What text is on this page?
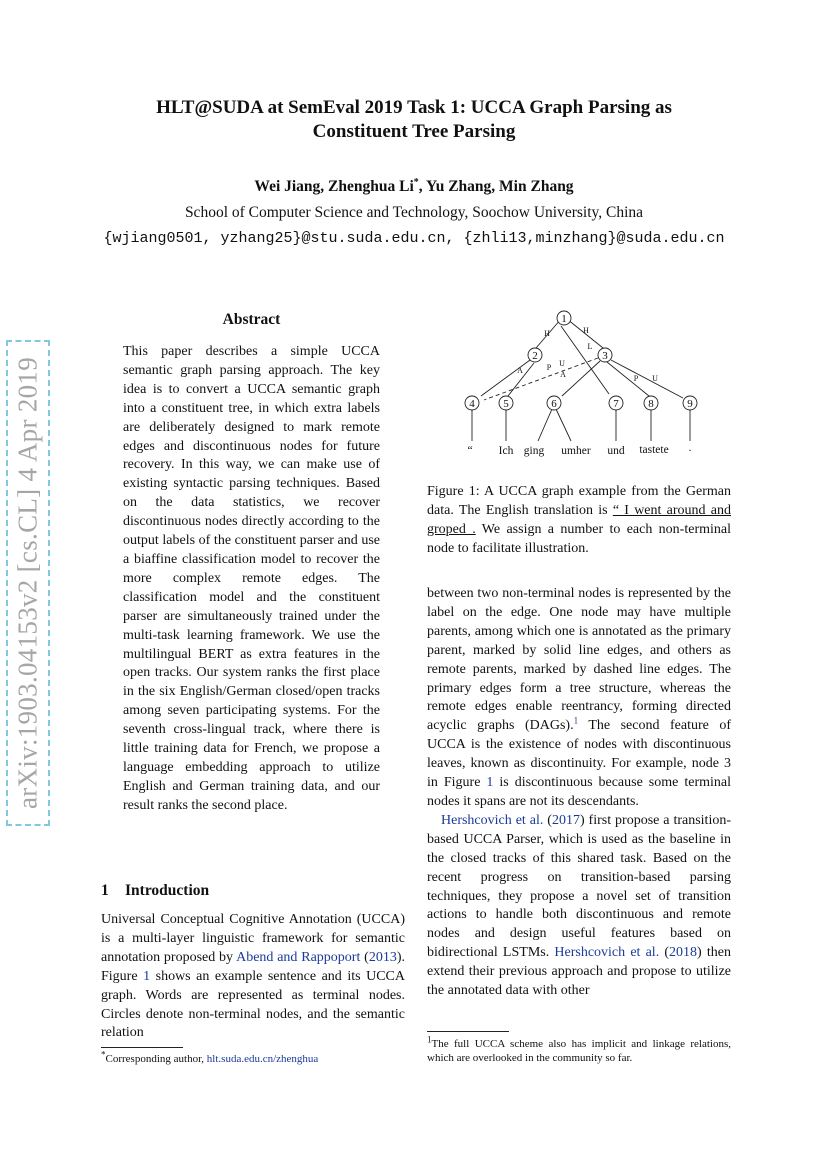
HLT@SUDA at SemEval 2019 Task 1: UCCA Graph Parsing as
Constituent Tree Parsing
Wei Jiang, Zhenghua Li*, Yu Zhang, Min Zhang
School of Computer Science and Technology, Soochow University, China
{wjiang0501, yzhang25}@stu.suda.edu.cn, {zhli13,minzhang}@suda.edu.cn
arXiv:1903.04153v2 [cs.CL] 4 Apr 2019
Abstract
This paper describes a simple UCCA semantic graph parsing approach. The key idea is to convert a UCCA semantic graph into a constituent tree, in which extra labels are deliberately designed to mark remote edges and discontinuous nodes for future recovery. In this way, we can make use of existing syntactic parsing techniques. Based on the data statistics, we recover discontinuous nodes directly according to the output labels of the constituent parser and use a biaffine classification model to recover the more complex remote edges. The classification model and the constituent parser are simultaneously trained under the multi-task learning framework. We use the multilingual BERT as extra features in the open tracks. Our system ranks the first place in the six English/German closed/open tracks among seven participating systems. For the seventh cross-lingual track, where there is little training data for French, we propose a language embedding approach to utilize English and German training data, and our result ranks the second place.
1 Introduction
Universal Conceptual Cognitive Annotation (UCCA) is a multi-layer linguistic framework for semantic annotation proposed by Abend and Rappoport (2013). Figure 1 shows an example sentence and its UCCA graph. Words are represented as terminal nodes. Circles denote non-terminal nodes, and the semantic relation
*Corresponding author, hlt.suda.edu.cn/zhenghua
1
2	3
4	5	6	7	8	9
H	H
A	P U
L
A	P U
“ Ich ging umher und tastete .
Figure 1: A UCCA graph example from the German data. The English translation is “ I went around and groped . We assign a number to each non-terminal node to facilitate illustration.

between two non-terminal nodes is represented by the label on the edge. One node may have multiple parents, among which one is annotated as the primary parent, marked by solid line edges, and others as remote parents, marked by dashed line edges. The primary edges form a tree structure, whereas the remote edges enable reentrancy, forming directed acyclic graphs (DAGs).$^1$ The second feature of UCCA is the existence of nodes with discontinuous leaves, known as discontinuity. For example, node 3 in Figure 1 is discontinuous because some terminal nodes it spans are not its descendants.

Hershcovich et al. (2017) first propose a transition-based UCCA Parser, which is used as the baseline in the closed tracks of this shared task. Based on the recent progress on transition-based parsing techniques, they propose a novel set of transition actions to handle both discontinuous and remote nodes and design useful features based on bidirectional LSTMs. Hershcovich et al. (2018) then extend their previous approach and propose to utilize the annotated data with other

$^1$The full UCCA scheme also has implicit and linkage relations, which are overlooked in the community so far.
